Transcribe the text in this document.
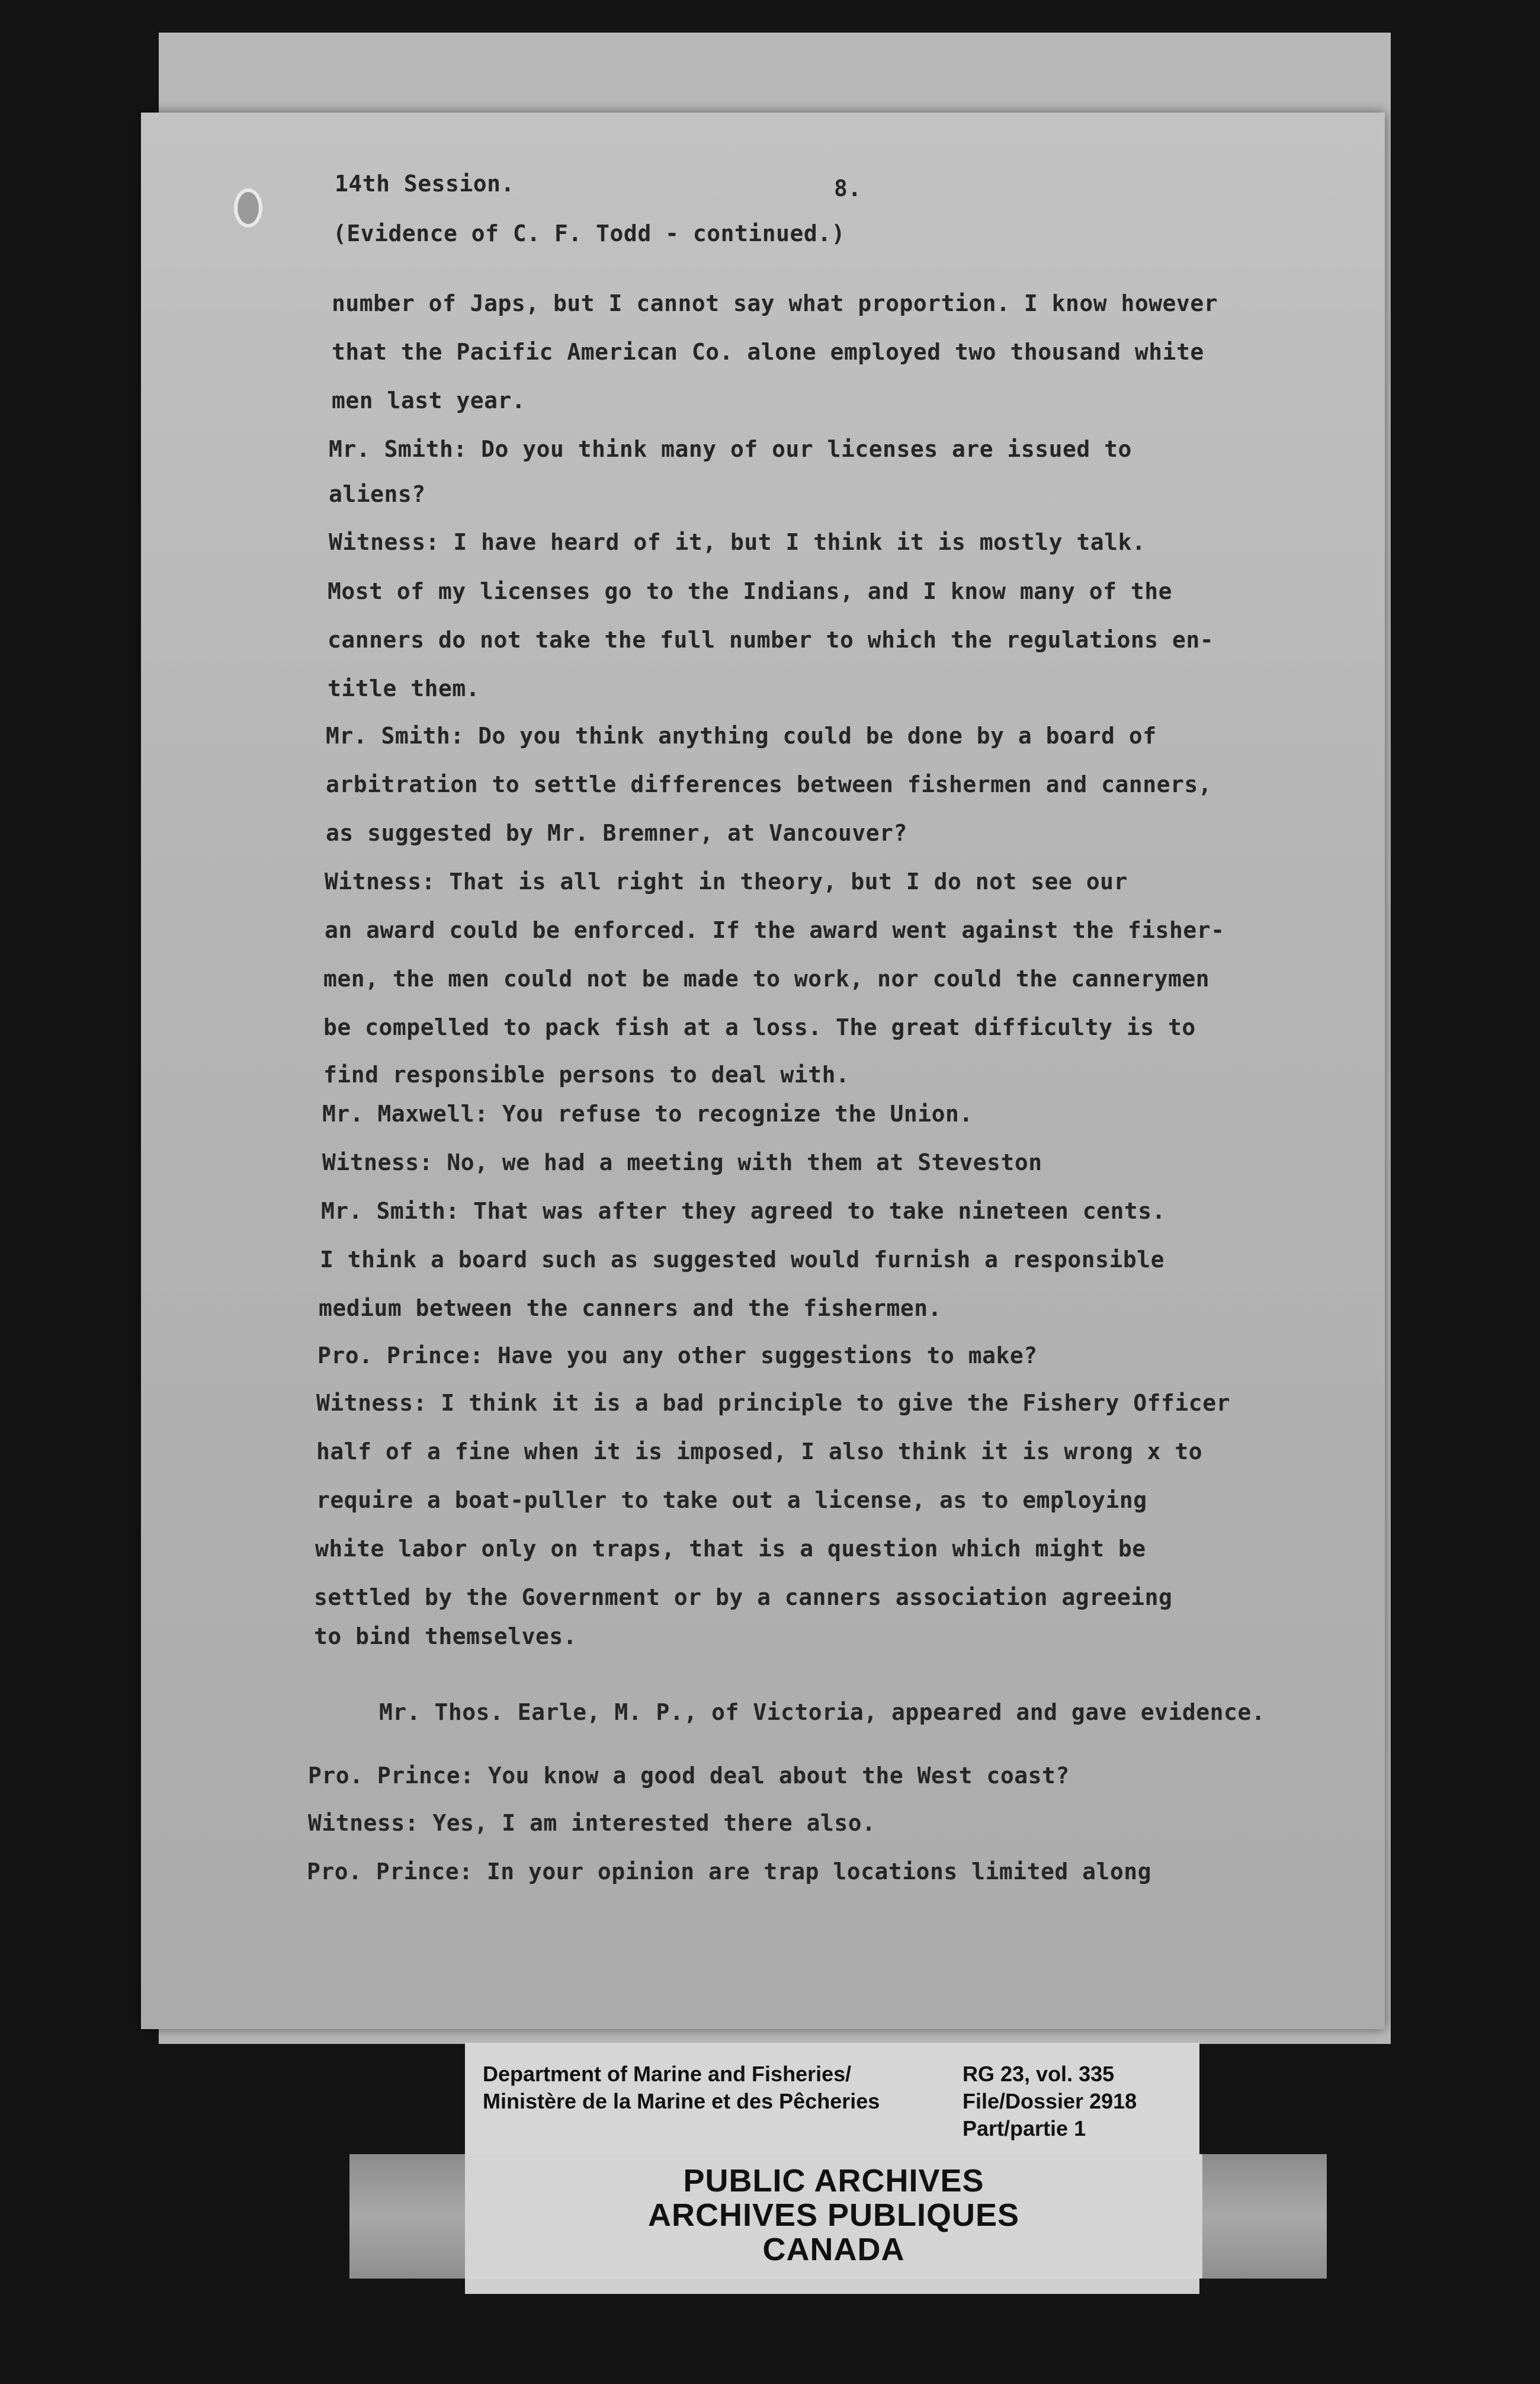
14th Session.	8.
(Evidence of C. F. Todd - continued.)
number of Japs, but I cannot say what proportion. I know however
that the Pacific American Co. alone employed two thousand white
men last year.
Mr. Smith: Do you think many of our licenses are issued to
aliens?
Witness: I have heard of it, but I think it is mostly talk.
Most of my licenses go to the Indians, and I know many of the
canners do not take the full number to which the regulations en-
title them.
Mr. Smith: Do you think anything could be done by a board of
arbitration to settle differences between fishermen and canners,
as suggested by Mr. Bremner, at Vancouver?
Witness: That is all right in theory, but I do not see our
an award could be enforced. If the award went against the fisher-
men, the men could not be made to work, nor could the cannerymen
be compelled to pack fish at a loss. The great difficulty is to
find responsible persons to deal with.
Mr. Maxwell: You refuse to recognize the Union.
Witness: No, we had a meeting with them at Steveston
Mr. Smith: That was after they agreed to take nineteen cents.
I think a board such as suggested would furnish a responsible
medium between the canners and the fishermen.
Pro. Prince: Have you any other suggestions to make?
Witness: I think it is a bad principle to give the Fishery Officer
half of a fine when it is imposed, I also think it is wrong x to
require a boat-puller to take out a license, as to employing
white labor only on traps, that is a question which might be
settled by the Government or by a canners association agreeing
to bind themselves.
Mr. Thos. Earle, M. P., of Victoria, appeared and gave evidence.
Pro. Prince: You know a good deal about the West coast?
Witness: Yes, I am interested there also.
Pro. Prince: In your opinion are trap locations limited along
Department of Marine and Fisheries/
Ministère de la Marine et des Pêcheries
RG 23, vol. 335
File/Dossier 2918
Part/partie 1
PUBLIC ARCHIVES
ARCHIVES PUBLIQUES
CANADA
